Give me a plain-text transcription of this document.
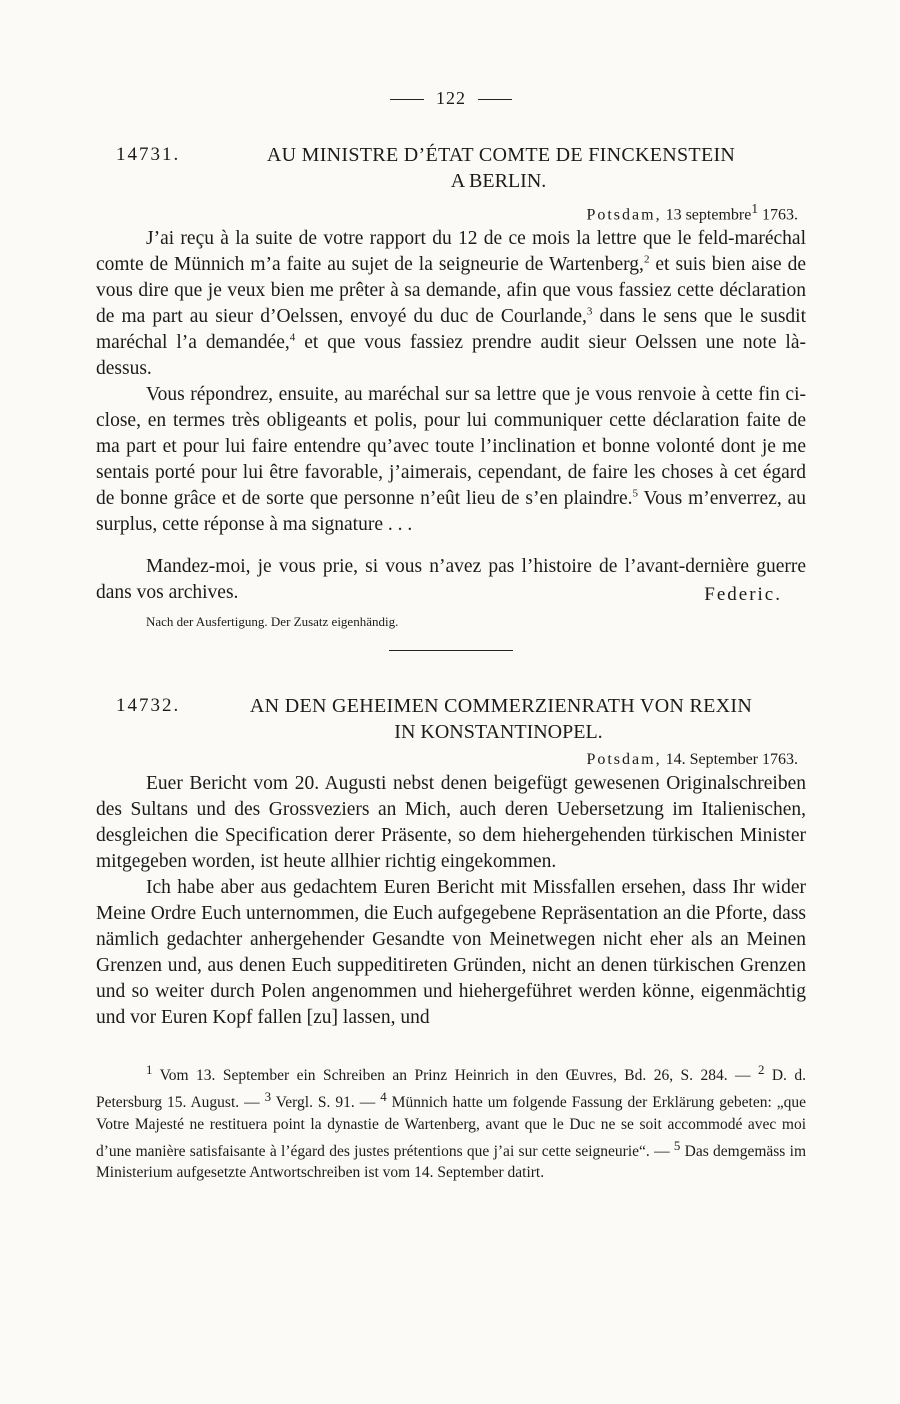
122
14731.	AU MINISTRE D’ÉTAT COMTE DE FINCKENSTEIN
A BERLIN.
Potsdam, 13 septembre$^1$ 1763.

J’ai reçu à la suite de votre rapport du 12 de ce mois la lettre que le feld-maréchal comte de Münnich m’a faite au sujet de la seigneurie de Wartenberg,$^2$ et suis bien aise de vous dire que je veux bien me prêter à sa demande, afin que vous fassiez cette déclaration de ma part au sieur d’Oelssen, envoyé du duc de Courlande,$^3$ dans le sens que le susdit maréchal l’a demandée,$^4$ et que vous fassiez prendre audit sieur Oelssen une note là-dessus.

Vous répondrez, ensuite, au maréchal sur sa lettre que je vous renvoie à cette fin ci-close, en termes très obligeants et polis, pour lui communiquer cette déclaration faite de ma part et pour lui faire entendre qu’avec toute l’inclination et bonne volonté dont je me sentais porté pour lui être favorable, j’aimerais, cependant, de faire les choses à cet égard de bonne grâce et de sorte que personne n’eût lieu de s’en plaindre.$^5$ Vous m’enverrez, au surplus, cette réponse à ma signature . . .

Mandez-moi, je vous prie, si vous n’avez pas l’histoire de l’avant-dernière guerre dans vos archives.	Federic.
Nach der Ausfertigung. Der Zusatz eigenhändig.
14732.	AN DEN GEHEIMEN COMMERZIENRATH VON REXIN
IN KONSTANTINOPEL.
Potsdam, 14. September 1763.

Euer Bericht vom 20. Augusti nebst denen beigefügt gewesenen Originalschreiben des Sultans und des Grossveziers an Mich, auch deren Uebersetzung im Italienischen, desgleichen die Specification derer Präsente, so dem hiehergehenden türkischen Minister mitgegeben worden, ist heute allhier richtig eingekommen.

Ich habe aber aus gedachtem Euren Bericht mit Missfallen ersehen, dass Ihr wider Meine Ordre Euch unternommen, die Euch aufgegebene Repräsentation an die Pforte, dass nämlich gedachter anhergehender Gesandte von Meinetwegen nicht eher als an Meinen Grenzen und, aus denen Euch suppeditireten Gründen, nicht an denen türkischen Grenzen und so weiter durch Polen angenommen und hiehergeführet werden könne, eigenmächtig und vor Euren Kopf fallen [zu] lassen, und

$^1$ Vom 13. September ein Schreiben an Prinz Heinrich in den Œuvres, Bd. 26, S. 284. — $^2$ D. d. Petersburg 15. August. — $^3$ Vergl. S. 91. — $^4$ Münnich hatte um folgende Fassung der Erklärung gebeten: „que Votre Majesté ne restituera point la dynastie de Wartenberg, avant que le Duc ne se soit accommodé avec moi d’une manière satisfaisante à l’égard des justes prétentions que j’ai sur cette seigneurie“. — $^5$ Das demgemäss im Ministerium aufgesetzte Antwortschreiben ist vom 14. September datirt.
